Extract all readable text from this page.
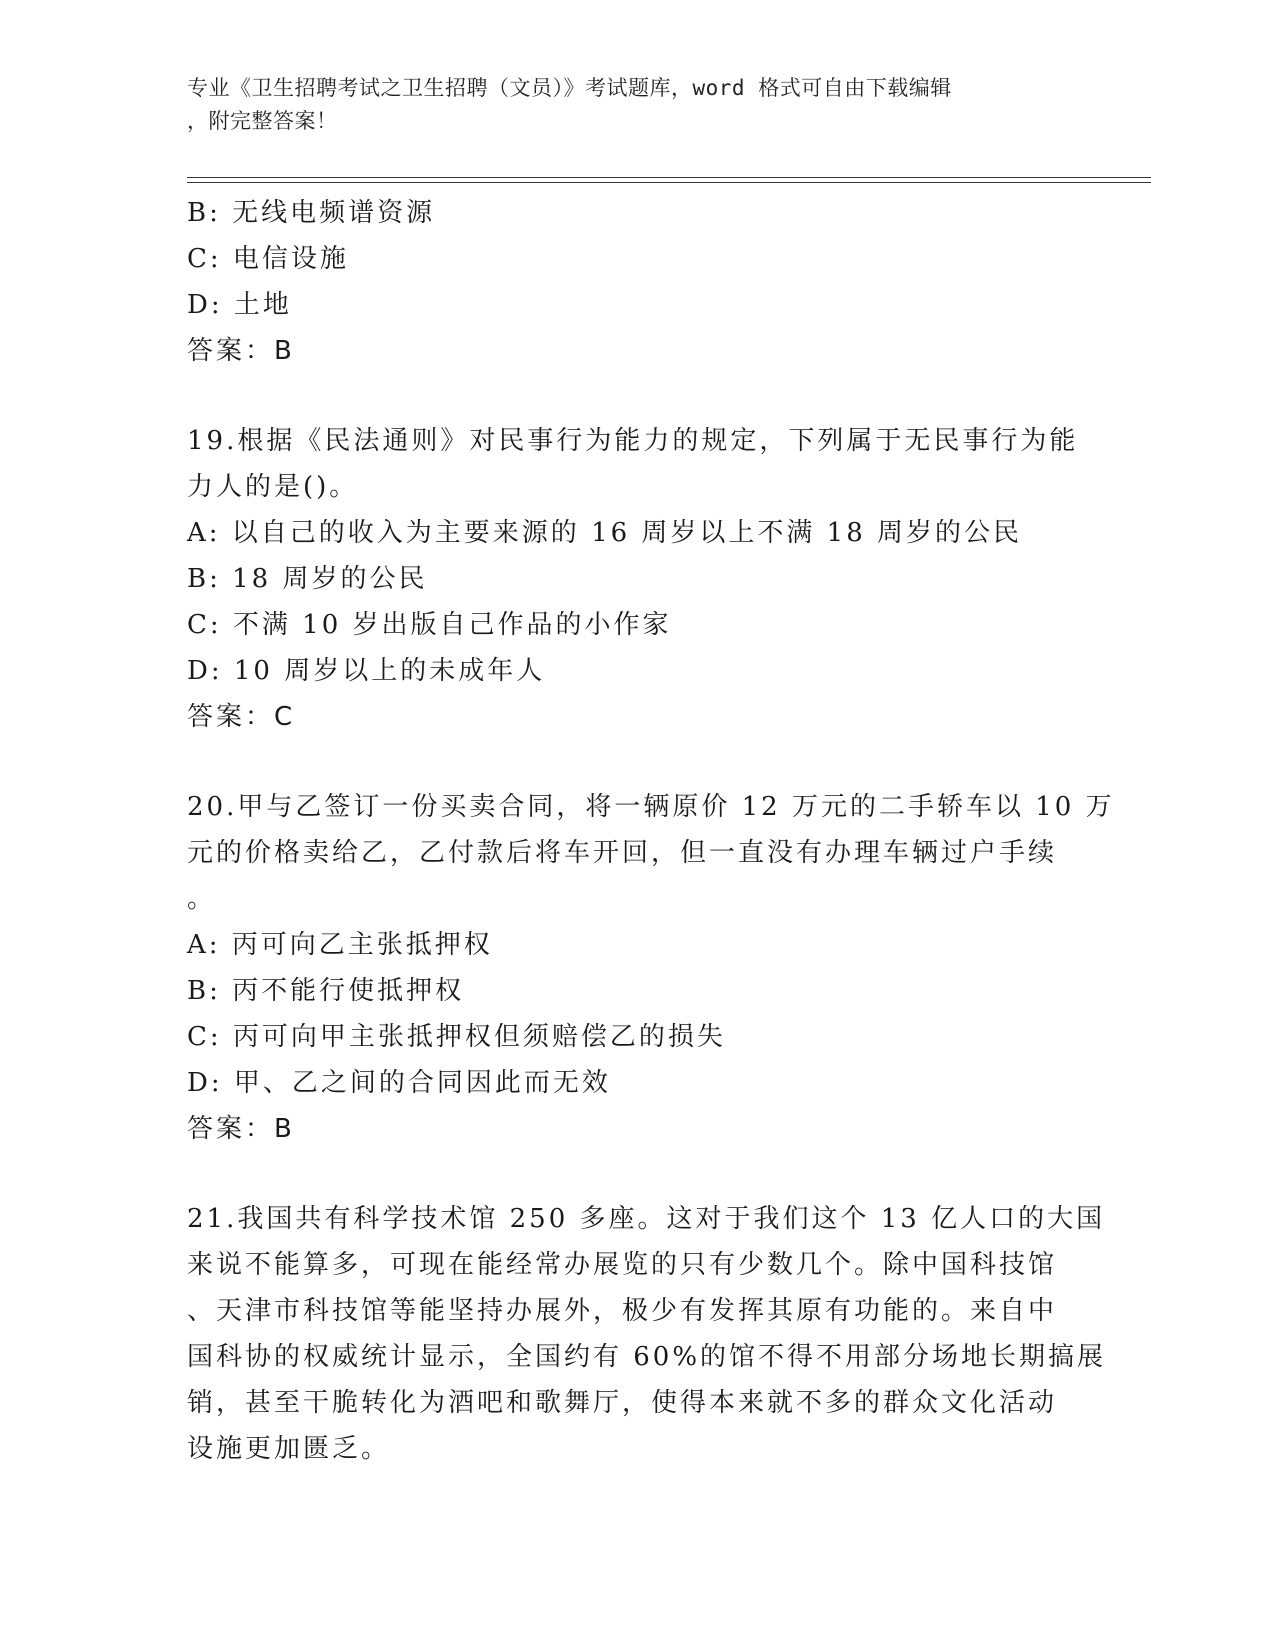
专业《卫生招聘考试之卫生招聘（文员）》考试题库，word 格式可自由下载编辑
，附完整答案！
B: 无线电频谱资源
C: 电信设施
D: 土地
答案：B
19.根据《民法通则》对民事行为能力的规定，下列属于无民事行为能
力人的是()。
A: 以自己的收入为主要来源的 16 周岁以上不满 18 周岁的公民
B: 18 周岁的公民
C: 不满 10 岁出版自己作品的小作家
D: 10 周岁以上的未成年人
答案：C
20.甲与乙签订一份买卖合同，将一辆原价 12 万元的二手轿车以 10 万
元的价格卖给乙，乙付款后将车开回，但一直没有办理车辆过户手续
。
A: 丙可向乙主张抵押权
B: 丙不能行使抵押权
C: 丙可向甲主张抵押权但须赔偿乙的损失
D: 甲、乙之间的合同因此而无效
答案：B
21.我国共有科学技术馆 250 多座。这对于我们这个 13 亿人口的大国
来说不能算多，可现在能经常办展览的只有少数几个。除中国科技馆
、天津市科技馆等能坚持办展外，极少有发挥其原有功能的。来自中
国科协的权威统计显示，全国约有 60%的馆不得不用部分场地长期搞展
销，甚至干脆转化为酒吧和歌舞厅，使得本来就不多的群众文化活动
设施更加匮乏。
